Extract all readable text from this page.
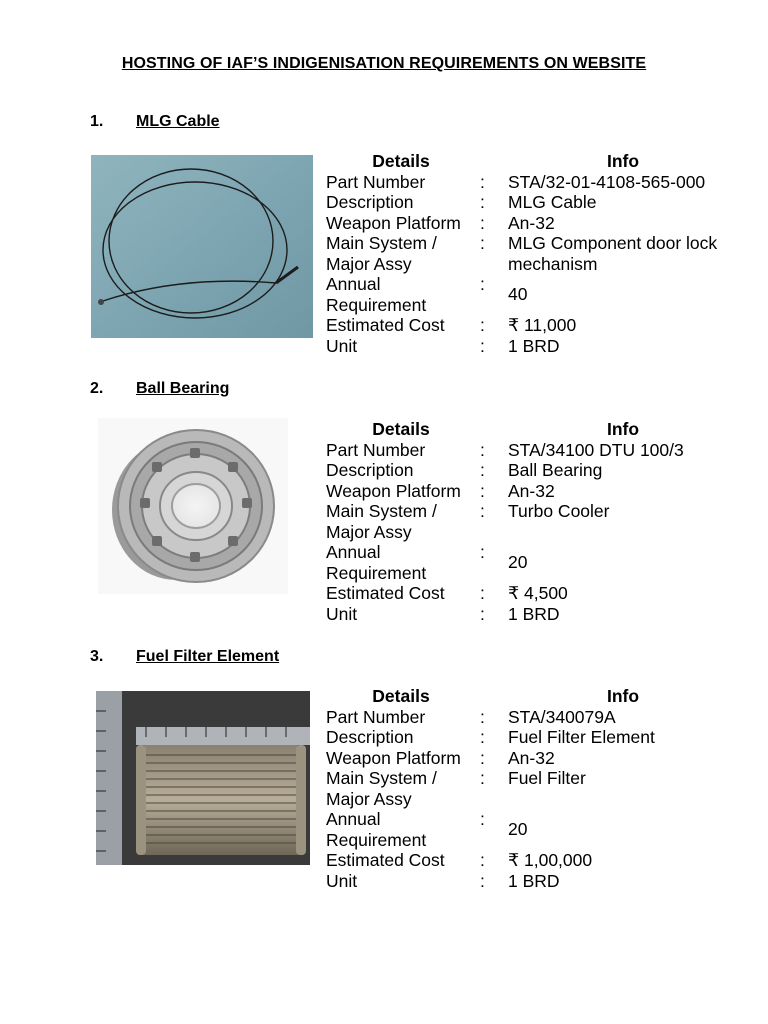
HOSTING OF IAF’S INDIGENISATION REQUIREMENTS ON WEBSITE
1. MLG Cable
Details		Info
Part Number	:	STA/32-01-4108-565-000
Description	:	MLG Cable
Weapon Platform	:	An-32
Main System / Major Assy	:	MLG Component door lock mechanism
Annual Requirement	:	40
Estimated Cost	:	₹ 11,000
Unit	:	1 BRD
2. Ball Bearing
Details		Info
Part Number	:	STA/34100 DTU 100/3
Description	:	Ball Bearing
Weapon Platform	:	An-32
Main System / Major Assy	:	Turbo Cooler
Annual Requirement	:	20
Estimated Cost	:	₹ 4,500
Unit	:	1 BRD
3. Fuel Filter Element
Details		Info
Part Number	:	STA/340079A
Description	:	Fuel Filter Element
Weapon Platform	:	An-32
Main System / Major Assy	:	Fuel Filter
Annual Requirement	:	20
Estimated Cost	:	₹ 1,00,000
Unit	:	1 BRD
